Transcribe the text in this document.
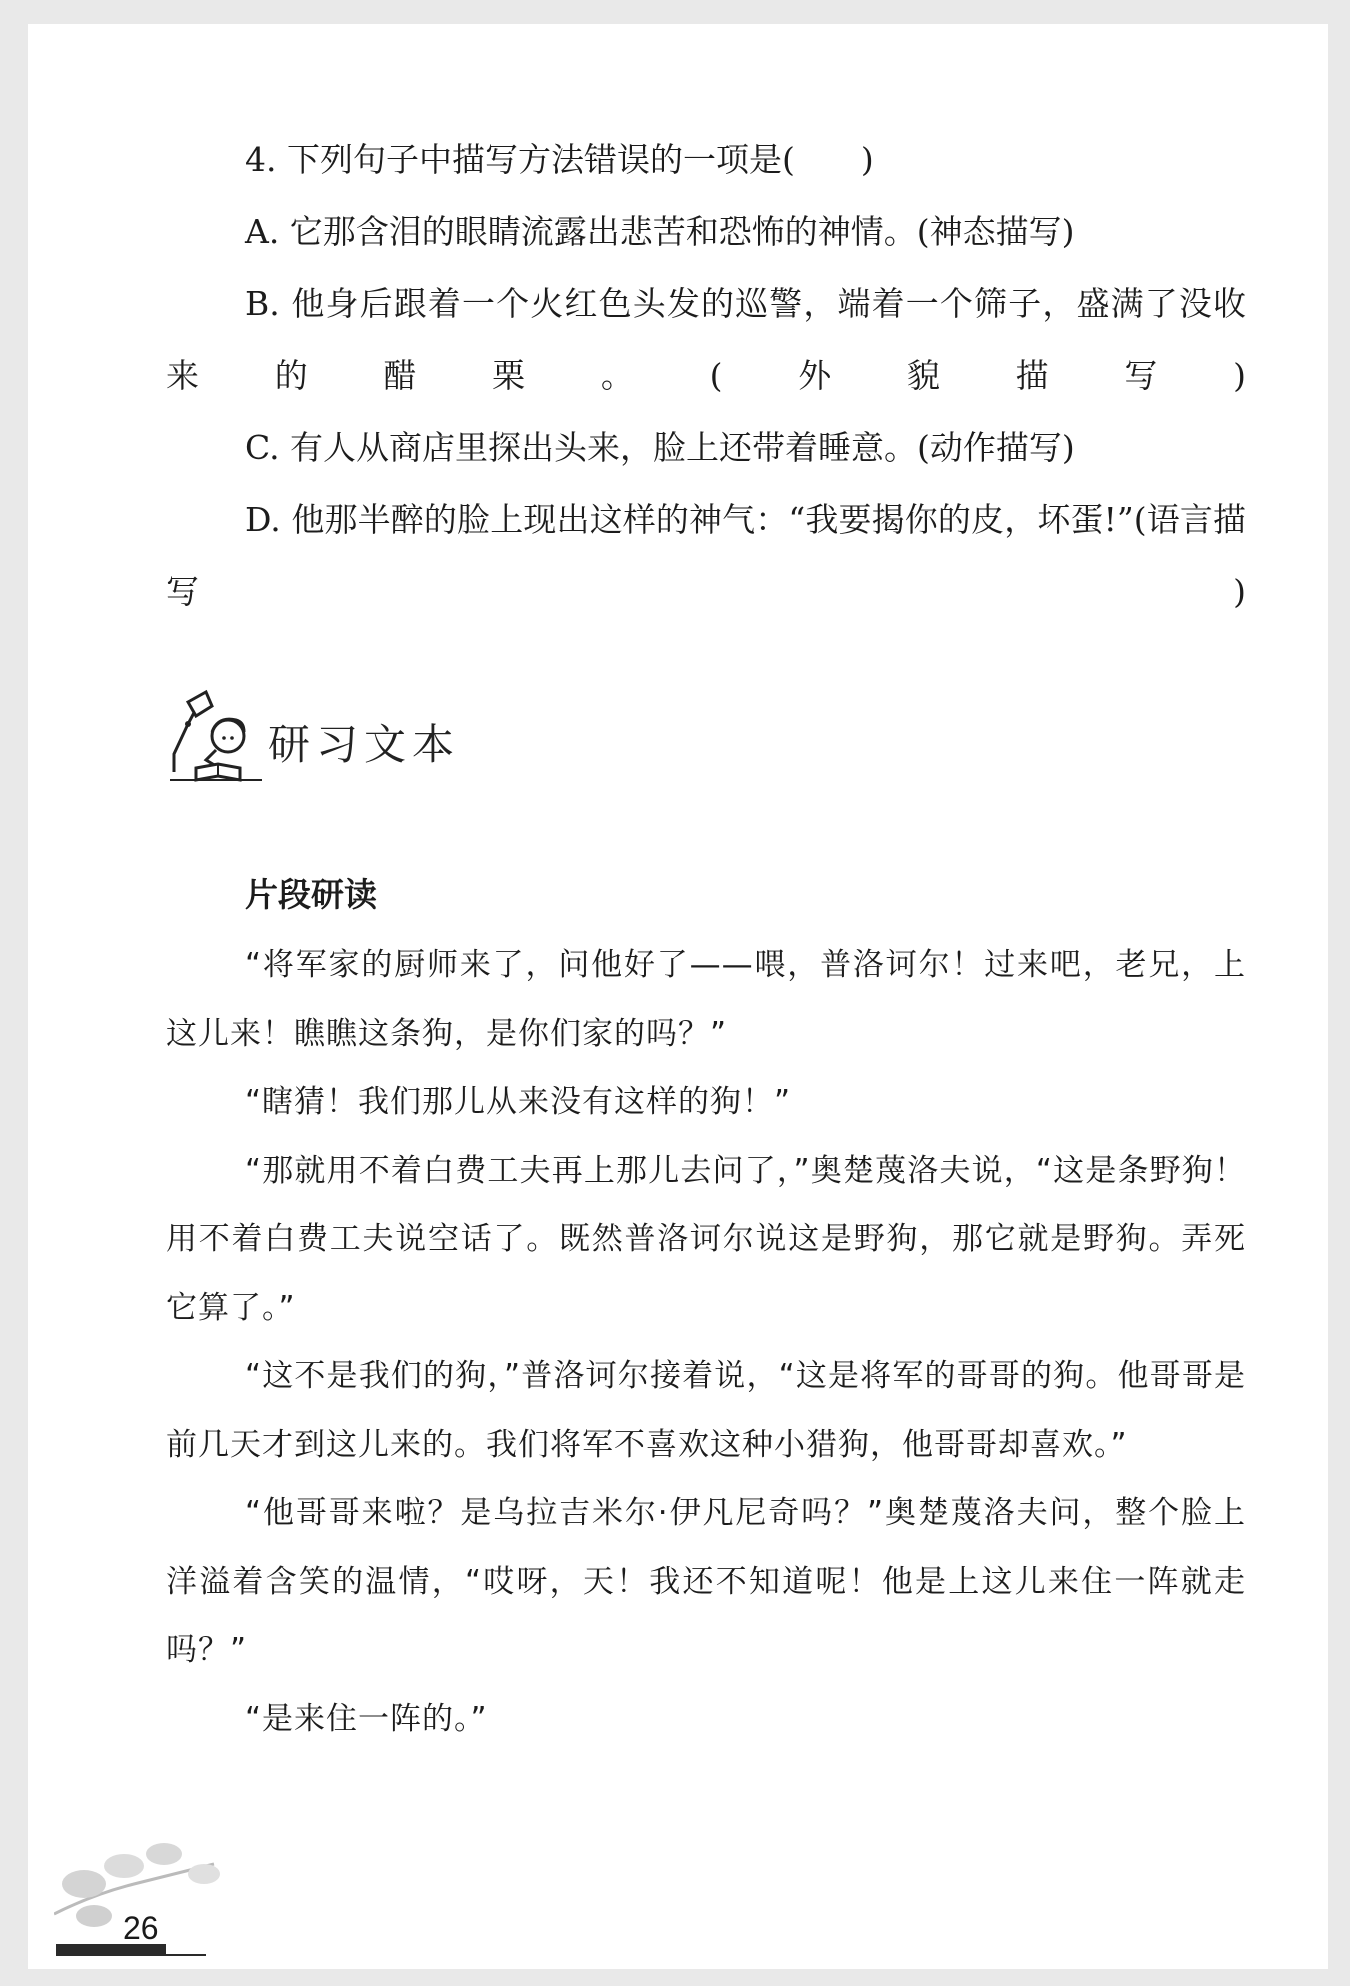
4. 下列句子中描写方法错误的一项是(　　)

A. 它那含泪的眼睛流露出悲苦和恐怖的神情。(神态描写)

B. 他身后跟着一个火红色头发的巡警，端着一个筛子，盛满了没收来的醋栗。(外貌描写)

C. 有人从商店里探出头来，脸上还带着睡意。(动作描写)

D. 他那半醉的脸上现出这样的神气：“我要揭你的皮，坏蛋!”(语言描写)

研习文本
片段研读

“将军家的厨师来了，问他好了——喂，普洛诃尔！过来吧，老兄，上这儿来！瞧瞧这条狗，是你们家的吗？”

“瞎猜！我们那儿从来没有这样的狗！”

“那就用不着白费工夫再上那儿去问了，”奥楚蔑洛夫说，“这是条野狗！用不着白费工夫说空话了。既然普洛诃尔说这是野狗，那它就是野狗。弄死它算了。”

“这不是我们的狗，”普洛诃尔接着说，“这是将军的哥哥的狗。他哥哥是前几天才到这儿来的。我们将军不喜欢这种小猎狗，他哥哥却喜欢。”

“他哥哥来啦？是乌拉吉米尔·伊凡尼奇吗？”奥楚蔑洛夫问，整个脸上洋溢着含笑的温情，“哎呀，天！我还不知道呢！他是上这儿来住一阵就走吗？”

“是来住一阵的。”

26
